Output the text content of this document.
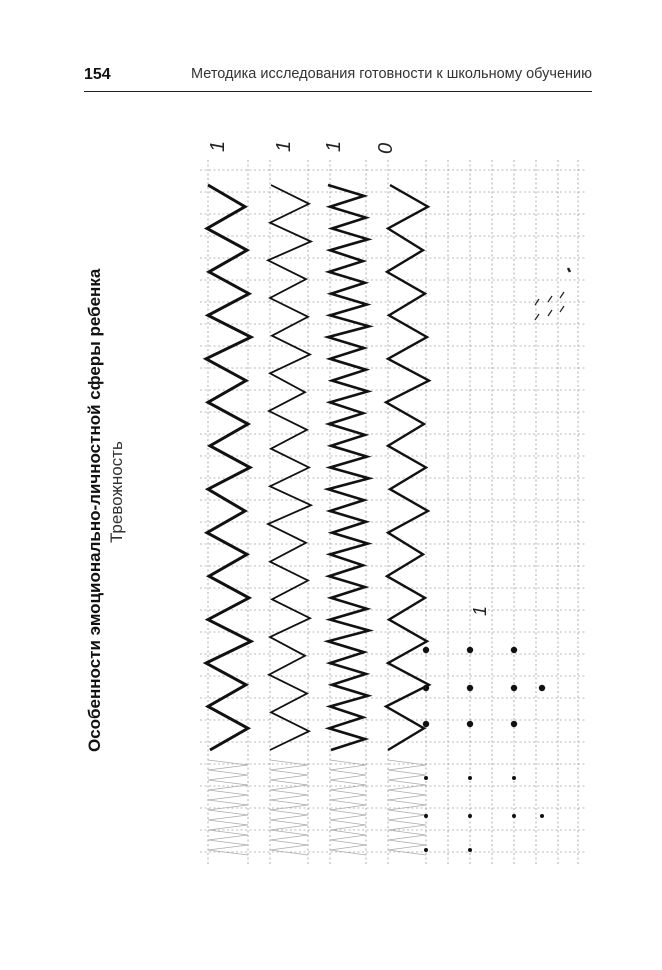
154	Методика исследования готовности к школьному обучению
Особенности эмоционально-личностной сферы ребенка Тревожность
1 1 1 0
1
